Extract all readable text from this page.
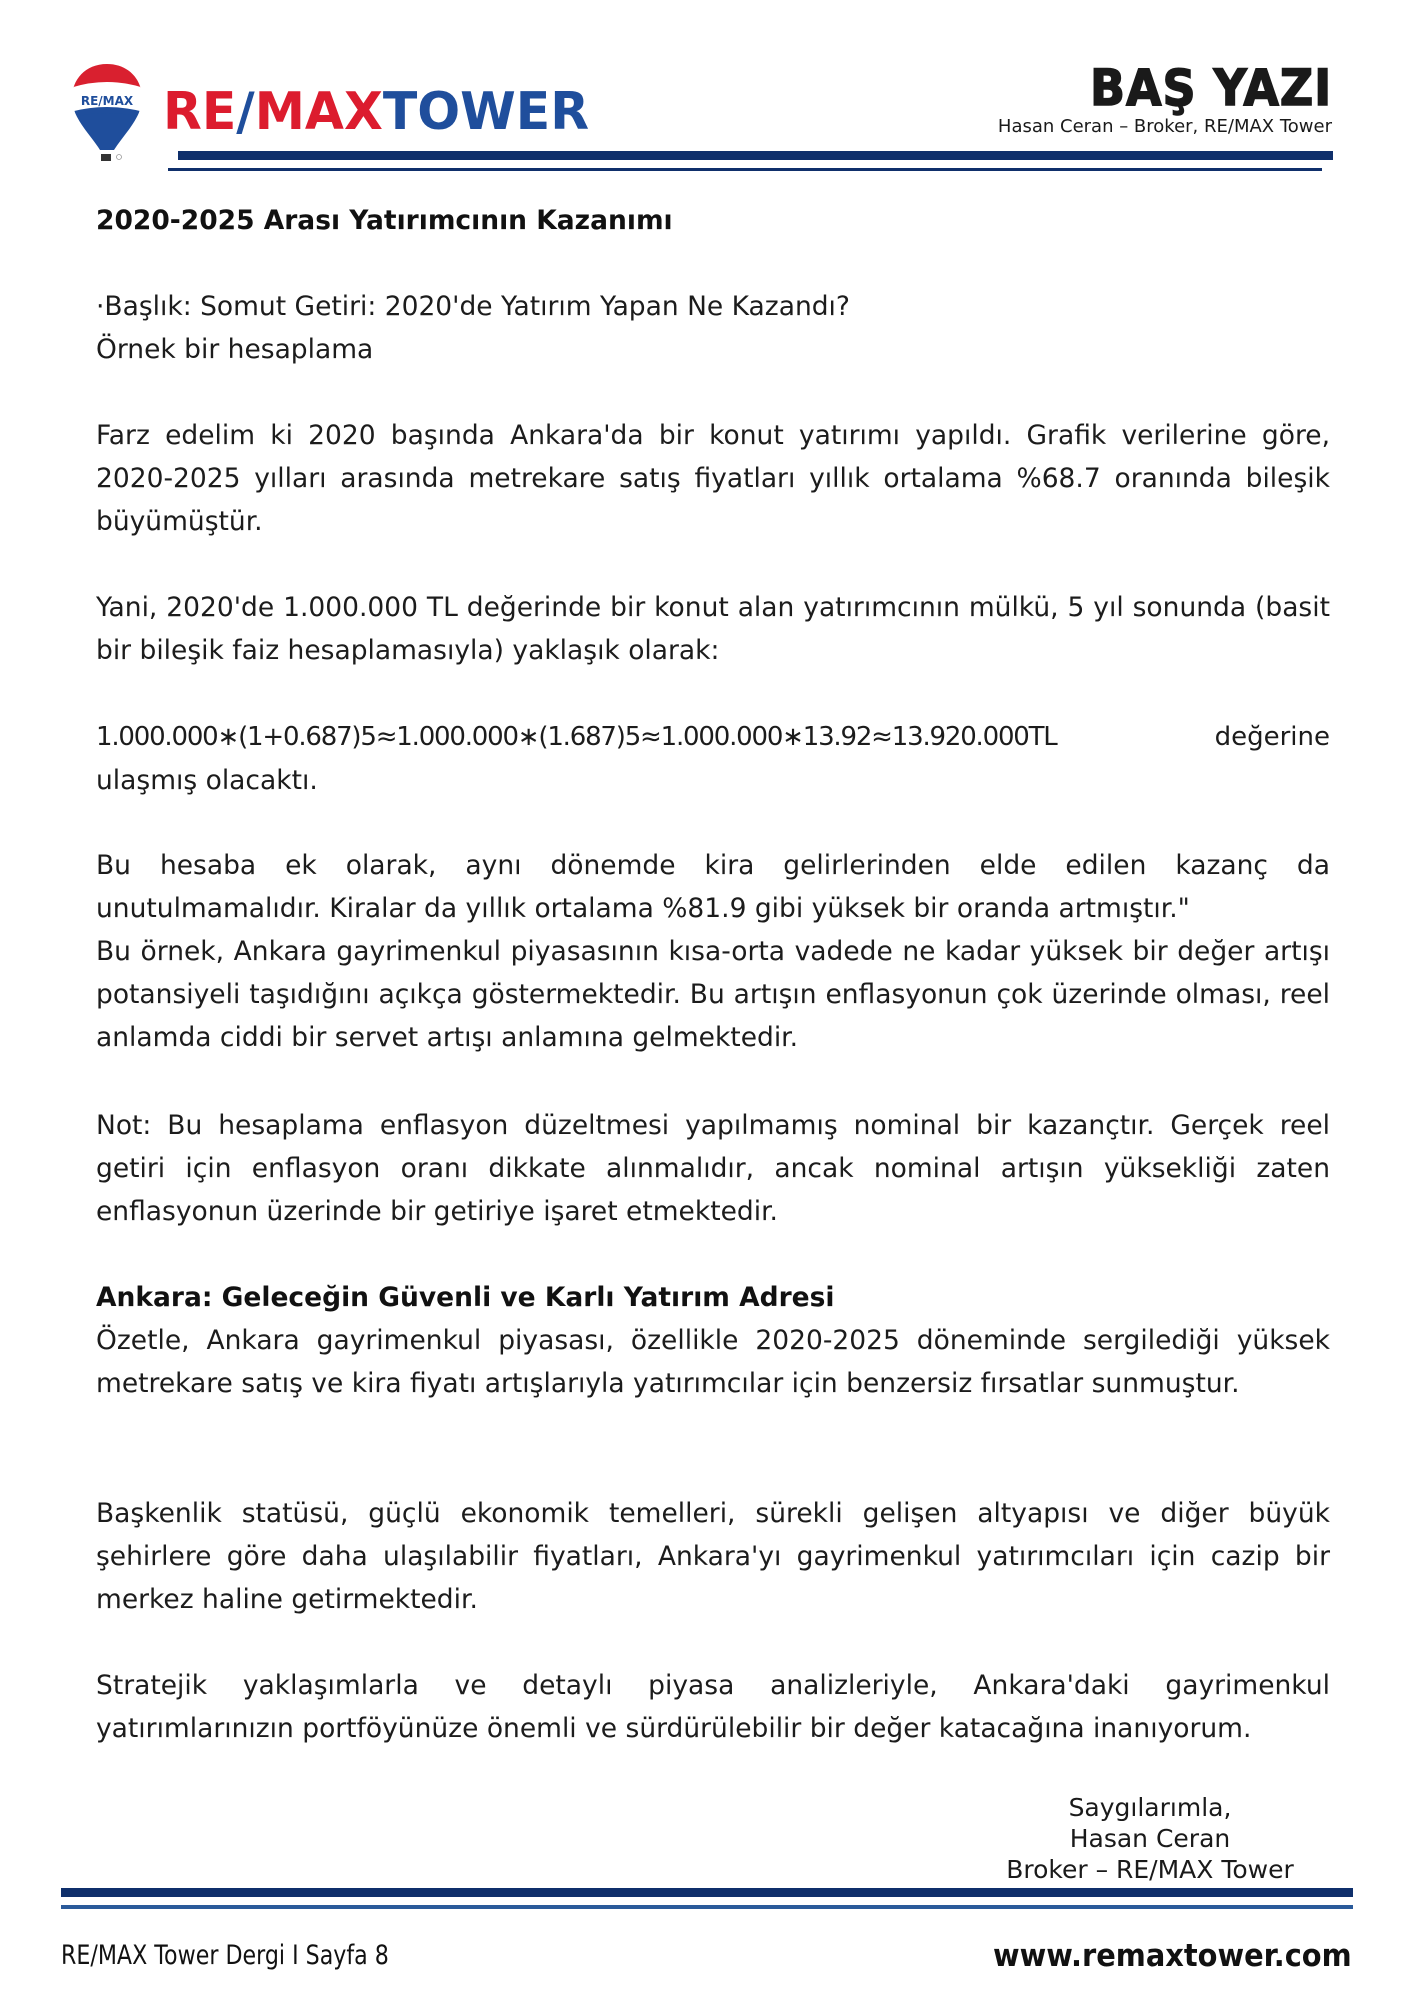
RE/MAX RE/MAXTOWER	BAŞ YAZI
Hasan Ceran – Broker, RE/MAX Tower

2020-2025 Arası Yatırımcının Kazanımı

·Başlık: Somut Getiri: 2020'de Yatırım Yapan Ne Kazandı?

Örnek bir hesaplama

Farz edelim ki 2020 başında Ankara'da bir konut yatırımı yapıldı. Grafik verilerine göre, 2020-2025 yılları arasında metrekare satış fiyatları yıllık ortalama %68.7 oranında bileşik büyümüştür.

Yani, 2020'de 1.000.000 TL değerinde bir konut alan yatırımcının mülkü, 5 yıl sonunda (basit bir bileşik faiz hesaplamasıyla) yaklaşık olarak:

1.000.000∗(1+0.687)5≈1.000.000∗(1.687)5≈1.000.000∗13.92≈13.920.000TL	değerine

ulaşmış olacaktı.

Bu hesaba ek olarak, aynı dönemde kira gelirlerinden elde edilen kazanç da unutulmamalıdır. Kiralar da yıllık ortalama %81.9 gibi yüksek bir oranda artmıştır."

Bu örnek, Ankara gayrimenkul piyasasının kısa-orta vadede ne kadar yüksek bir değer artışı potansiyeli taşıdığını açıkça göstermektedir. Bu artışın enflasyonun çok üzerinde olması, reel anlamda ciddi bir servet artışı anlamına gelmektedir.

Not: Bu hesaplama enflasyon düzeltmesi yapılmamış nominal bir kazançtır. Gerçek reel getiri için enflasyon oranı dikkate alınmalıdır, ancak nominal artışın yüksekliği zaten enflasyonun üzerinde bir getiriye işaret etmektedir.

Ankara: Geleceğin Güvenli ve Karlı Yatırım Adresi

Özetle, Ankara gayrimenkul piyasası, özellikle 2020-2025 döneminde sergilediği yüksek metrekare satış ve kira fiyatı artışlarıyla yatırımcılar için benzersiz fırsatlar sunmuştur.

Başkenlik statüsü, güçlü ekonomik temelleri, sürekli gelişen altyapısı ve diğer büyük şehirlere göre daha ulaşılabilir fiyatları, Ankara'yı gayrimenkul yatırımcıları için cazip bir merkez haline getirmektedir.

Stratejik yaklaşımlarla ve detaylı piyasa analizleriyle, Ankara'daki gayrimenkul yatırımlarınızın portföyünüze önemli ve sürdürülebilir bir değer katacağına inanıyorum.

Saygılarımla,
Hasan Ceran
Broker – RE/MAX Tower
RE/MAX Tower Dergi I Sayfa 8	www.remaxtower.com
